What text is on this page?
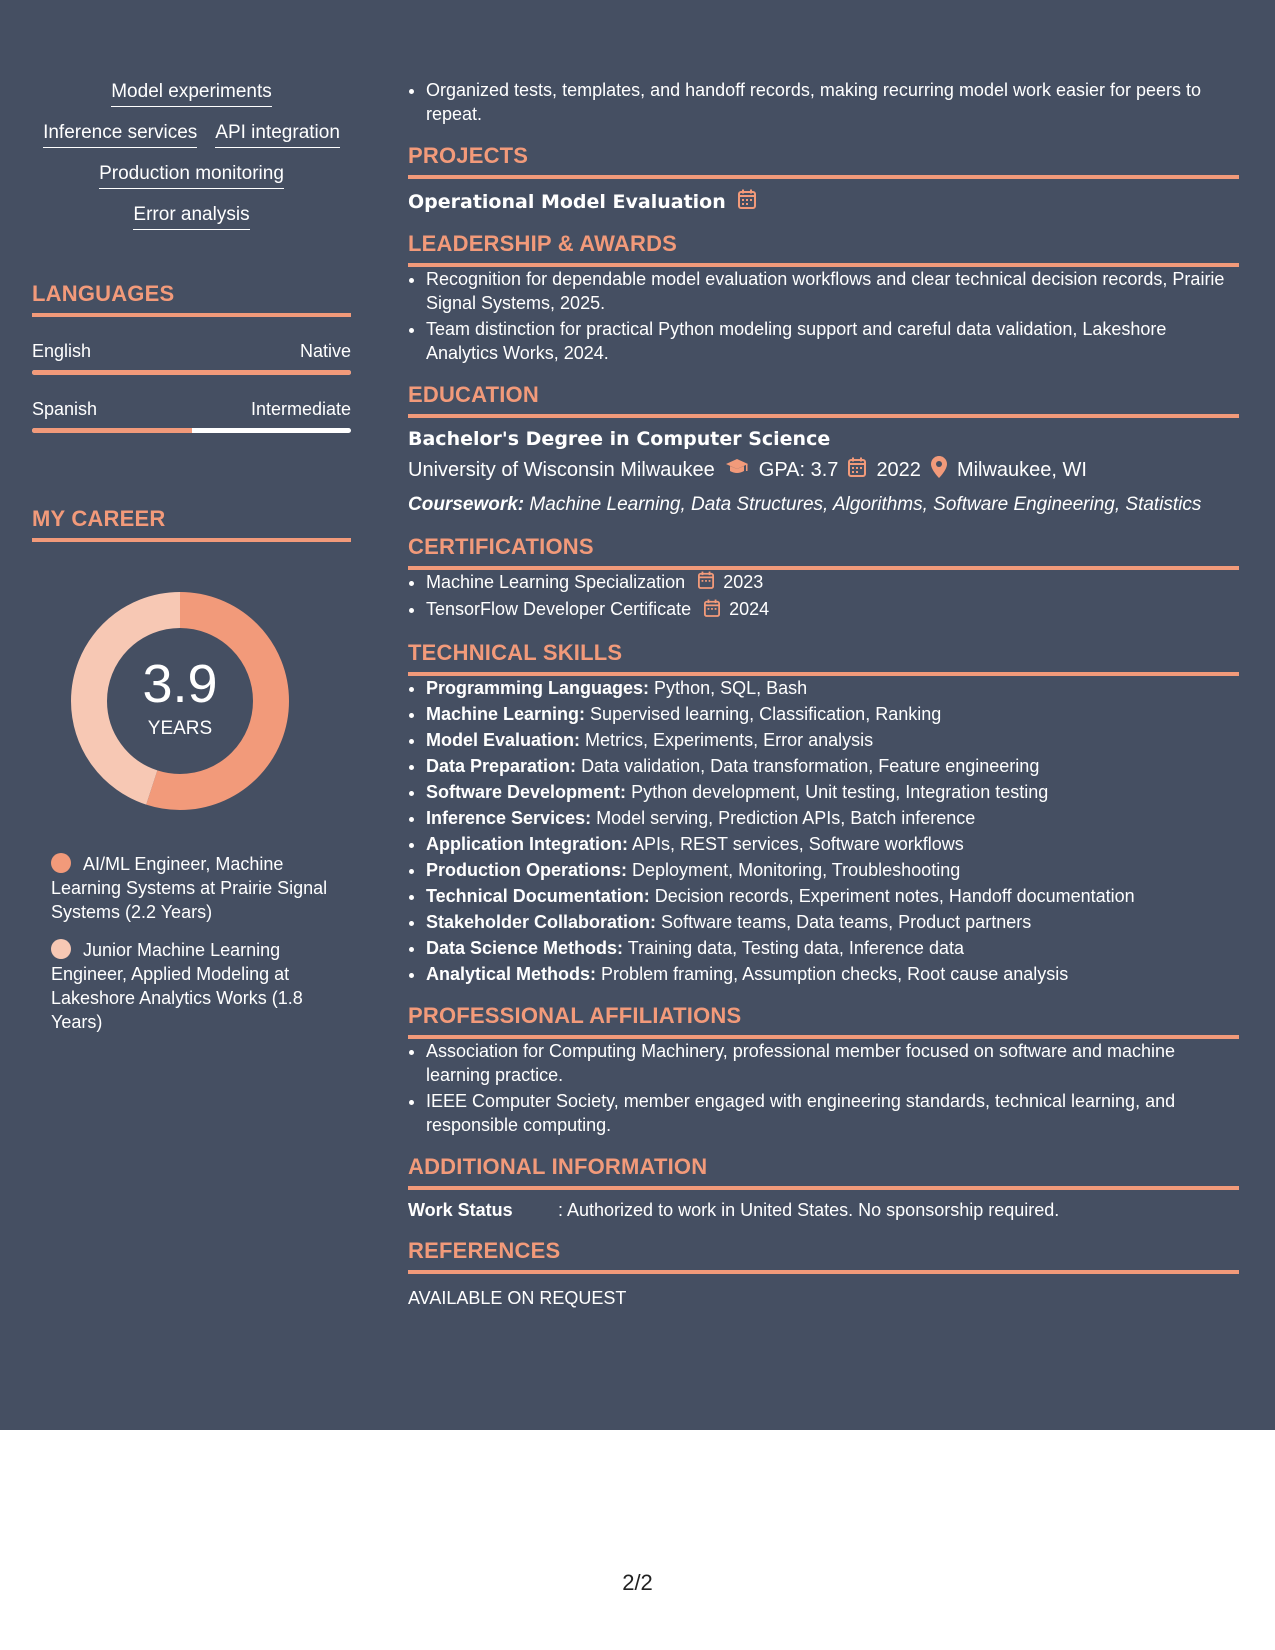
Model experiments
Inference services API integration
Production monitoring
Error analysis
LANGUAGES
English	Native
Spanish	Intermediate
MY CAREER
3.9
YEARS
AI/ML Engineer, Machine Learning Systems at Prairie Signal Systems (2.2 Years)
Junior Machine Learning Engineer, Applied Modeling at Lakeshore Analytics Works (1.8 Years)
• Organized tests, templates, and handoff records, making recurring model work easier for peers to repeat.
PROJECTS
Operational Model Evaluation
LEADERSHIP & AWARDS
• Recognition for dependable model evaluation workflows and clear technical decision records, Prairie Signal Systems, 2025.
• Team distinction for practical Python modeling support and careful data validation, Lakeshore Analytics Works, 2024.
EDUCATION
Bachelor's Degree in Computer Science
University of Wisconsin Milwaukee GPA: 3.7 2022 Milwaukee, WI
Coursework: Machine Learning, Data Structures, Algorithms, Software Engineering, Statistics
CERTIFICATIONS
• Machine Learning Specialization 2023
• TensorFlow Developer Certificate 2024
TECHNICAL SKILLS
• Programming Languages: Python, SQL, Bash
• Machine Learning: Supervised learning, Classification, Ranking
• Model Evaluation: Metrics, Experiments, Error analysis
• Data Preparation: Data validation, Data transformation, Feature engineering
• Software Development: Python development, Unit testing, Integration testing
• Inference Services: Model serving, Prediction APIs, Batch inference
• Application Integration: APIs, REST services, Software workflows
• Production Operations: Deployment, Monitoring, Troubleshooting
• Technical Documentation: Decision records, Experiment notes, Handoff documentation
• Stakeholder Collaboration: Software teams, Data teams, Product partners
• Data Science Methods: Training data, Testing data, Inference data
• Analytical Methods: Problem framing, Assumption checks, Root cause analysis
PROFESSIONAL AFFILIATIONS
• Association for Computing Machinery, professional member focused on software and machine learning practice.
• IEEE Computer Society, member engaged with engineering standards, technical learning, and responsible computing.
ADDITIONAL INFORMATION
Work Status	: Authorized to work in United States. No sponsorship required.
REFERENCES
AVAILABLE ON REQUEST
2/2
